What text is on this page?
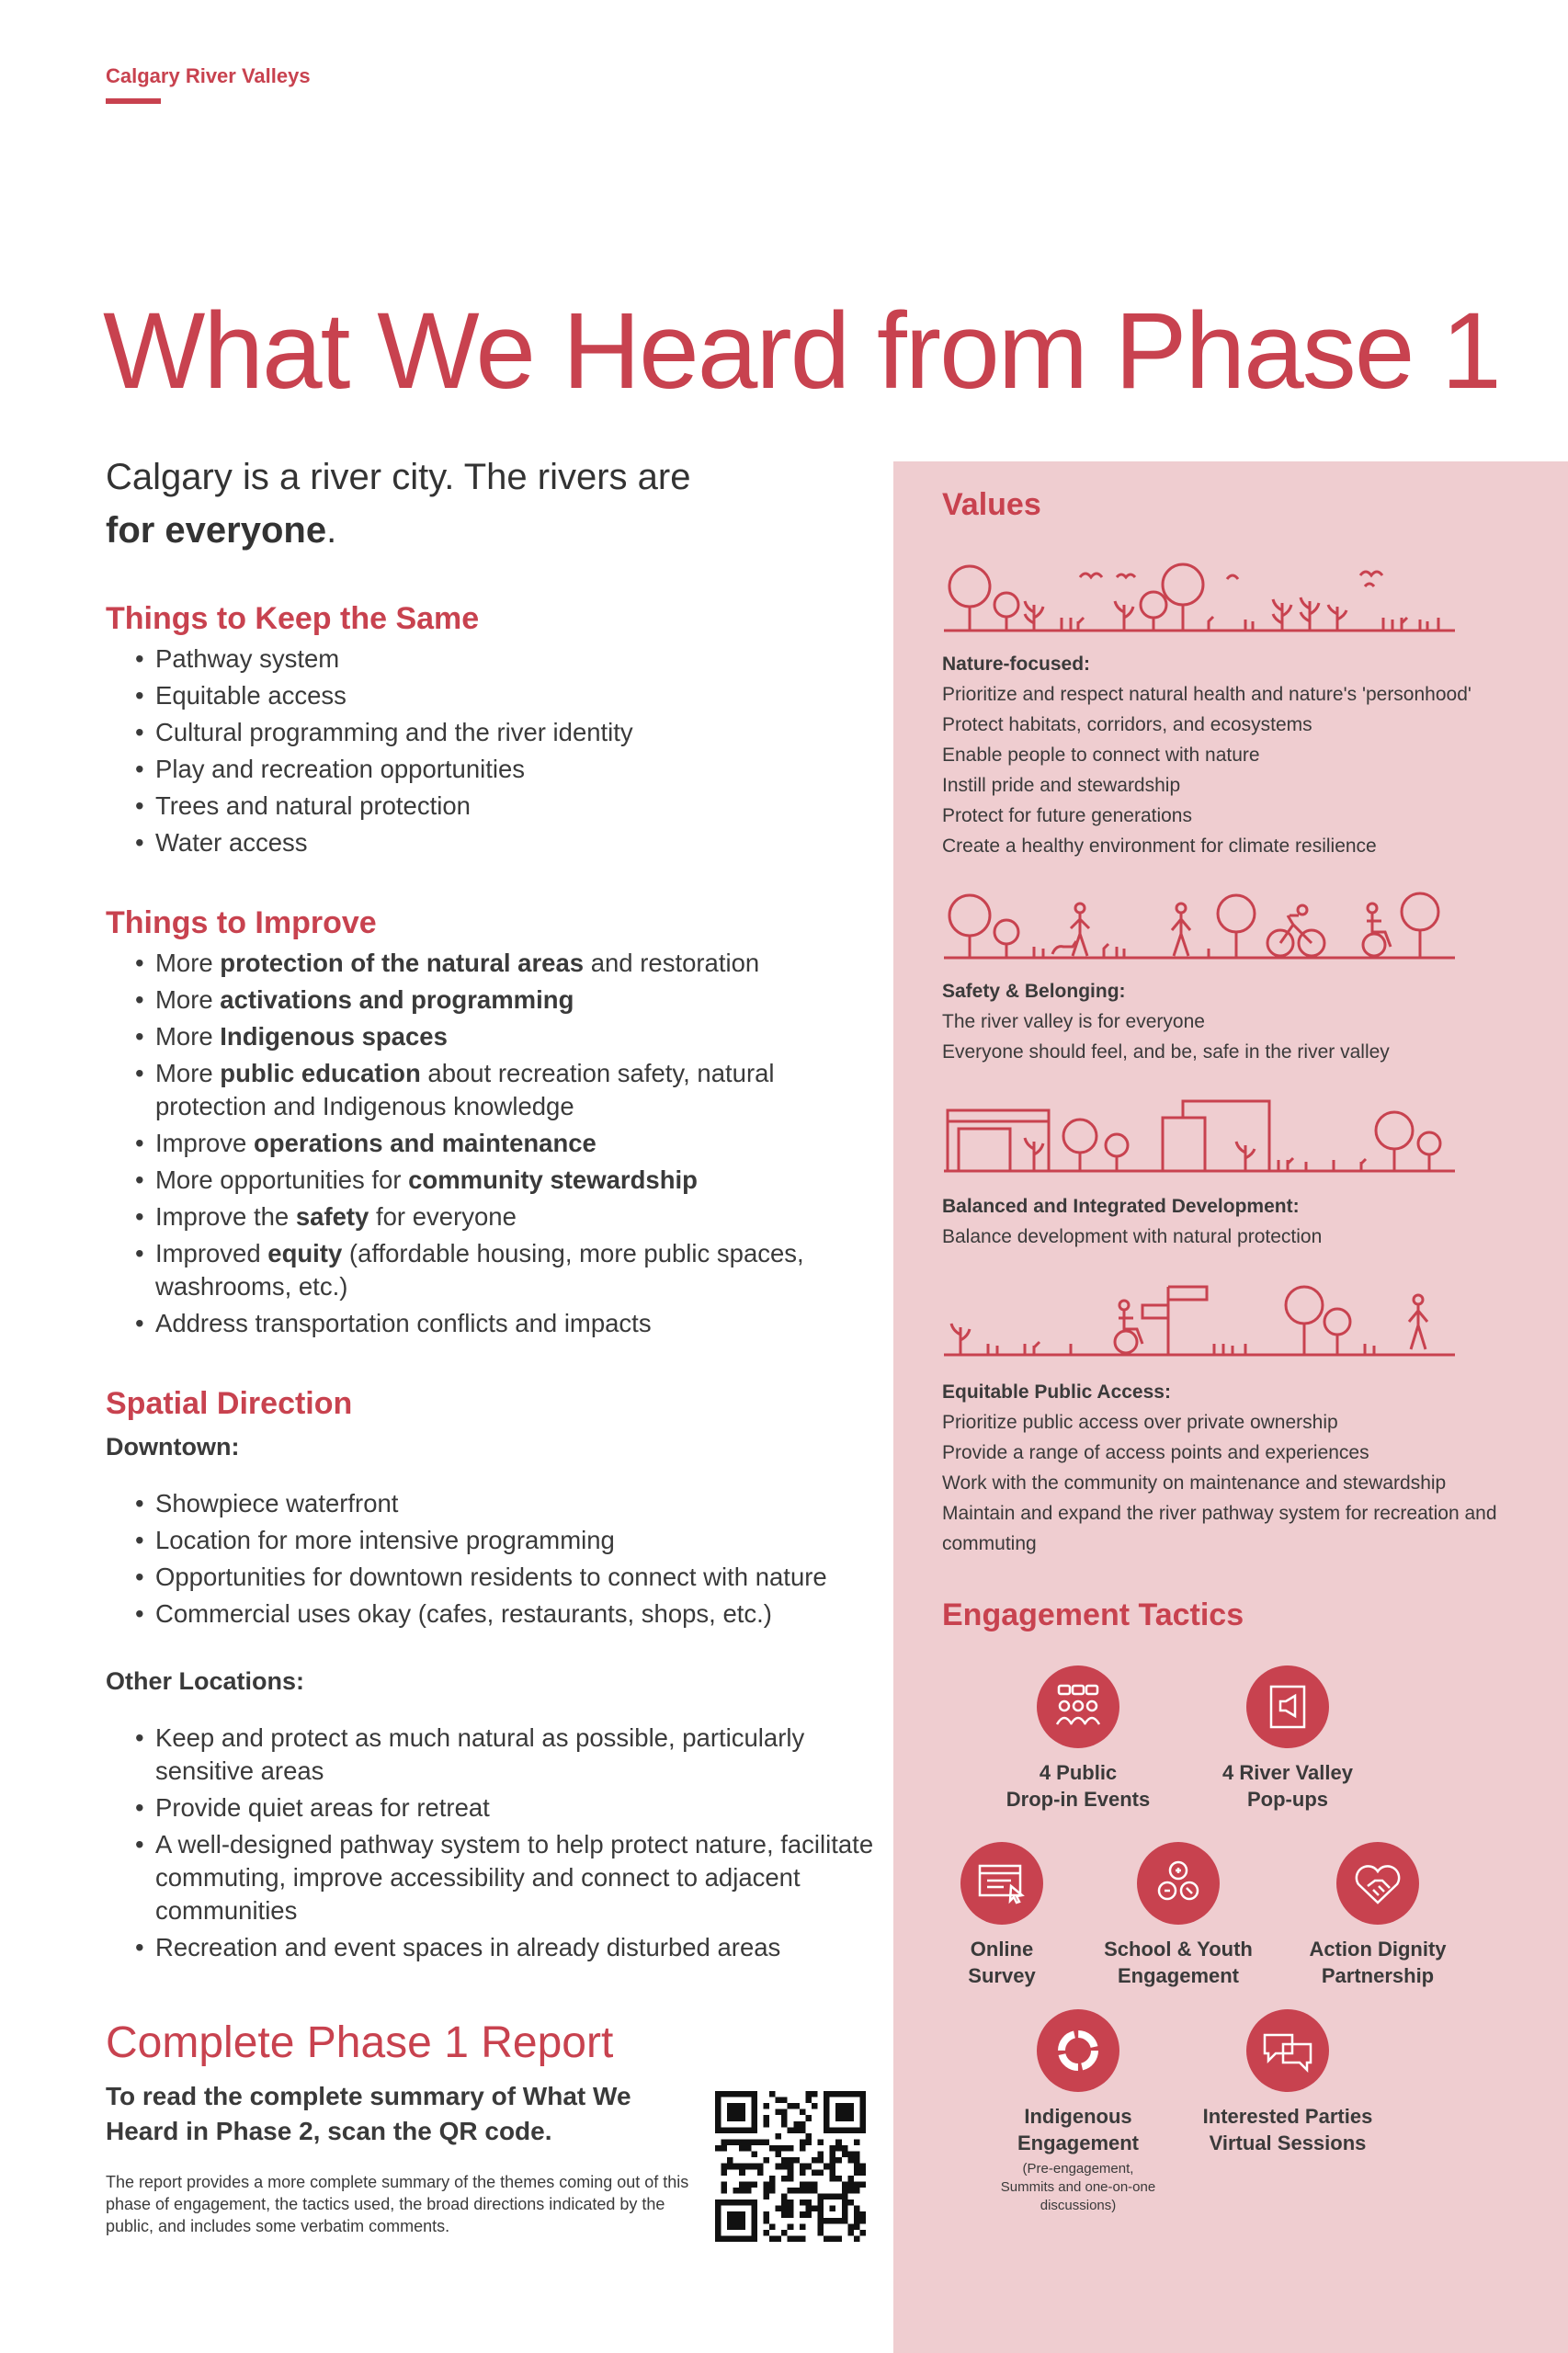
Calgary River Valleys
What We Heard from Phase 1

Calgary is a river city. The rivers are
for everyone.

Things to Keep the Same
• Pathway system
• Equitable access
• Cultural programming and the river identity
• Play and recreation opportunities
• Trees and natural protection
• Water access
Things to Improve
• More protection of the natural areas and restoration
• More activations and programming
• More Indigenous spaces
• More public education about recreation safety, natural protection and Indigenous knowledge
• Improve operations and maintenance
• More opportunities for community stewardship
• Improve the safety for everyone
• Improved equity (affordable housing, more public spaces, washrooms, etc.)
• Address transportation conflicts and impacts
Spatial Direction
Downtown:
• Showpiece waterfront
• Location for more intensive programming
• Opportunities for downtown residents to connect with nature
• Commercial uses okay (cafes, restaurants, shops, etc.)
Other Locations:
• Keep and protect as much natural as possible, particularly sensitive areas
• Provide quiet areas for retreat
• A well-designed pathway system to help protect nature, facilitate commuting, improve accessibility and connect to adjacent communities
• Recreation and event spaces in already disturbed areas
Complete Phase 1 Report
To read the complete summary of What We Heard in Phase 2, scan the QR code.
The report provides a more complete summary of the themes coming out of this phase of engagement, the tactics used, the broad directions indicated by the public, and includes some verbatim comments.
Values
Nature-focused:
Prioritize and respect natural health and nature's 'personhood'
Protect habitats, corridors, and ecosystems
Enable people to connect with nature
Instill pride and stewardship
Protect for future generations
Create a healthy environment for climate resilience
Safety & Belonging:
The river valley is for everyone
Everyone should feel, and be, safe in the river valley
Balanced and Integrated Development:
Balance development with natural protection
Equitable Public Access:
Prioritize public access over private ownership
Provide a range of access points and experiences
Work with the community on maintenance and stewardship
Maintain and expand the river pathway system for recreation and commuting
Engagement Tactics
4 Public
Drop-in Events
4 River Valley
Pop-ups
Online
Survey
School & Youth
Engagement
Action Dignity
Partnership
Indigenous
Engagement
(Pre-engagement, Summits and one-on-one discussions)
Interested Parties
Virtual Sessions
